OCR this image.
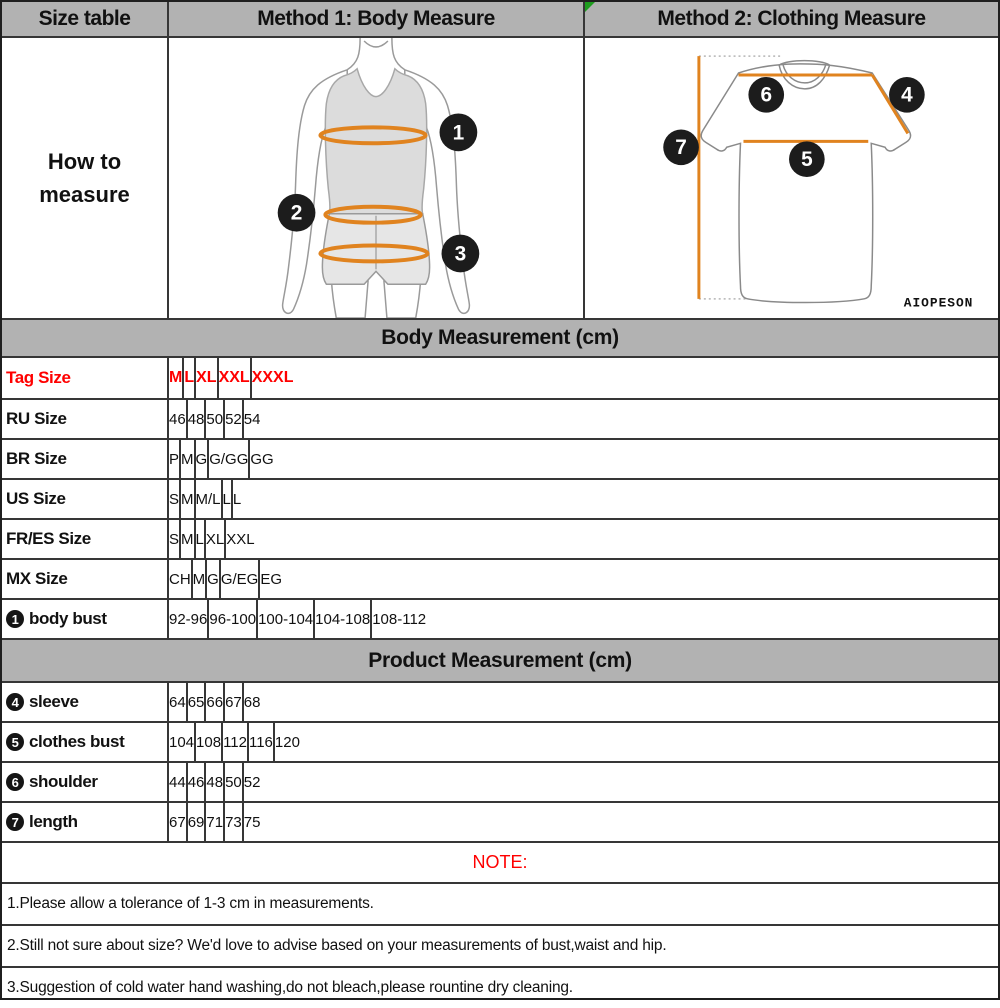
Size table	Method 1: Body Measure	Method 2: Clothing Measure
How to
measure
1
2
3
7
6	4
5
AIOPESON
Body Measurement (cm)
Tag Size	M L XL XXL XXXL
RU Size	46 48 50 52 54
BR Size	P M G G/GG GG
US Size	S M M/L L L
FR/ES Size	S M L XL XXL
MX Size	CH M G G/EG EG
1 body bust	92-96 96-100 100-104 104-108 108-112
Product Measurement (cm)
4 sleeve	64 65 66 67 68
5 clothes bust	104 108 112 116 120
6 shoulder	44 46 48 50 52
7 length	67 69 71 73 75
NOTE:
1.Please allow a tolerance of 1-3 cm in measurements.
2.Still not sure about size? We'd love to advise based on your measurements of bust,waist and hip.
3.Suggestion of cold water hand washing,do not bleach,please rountine dry cleaning.
